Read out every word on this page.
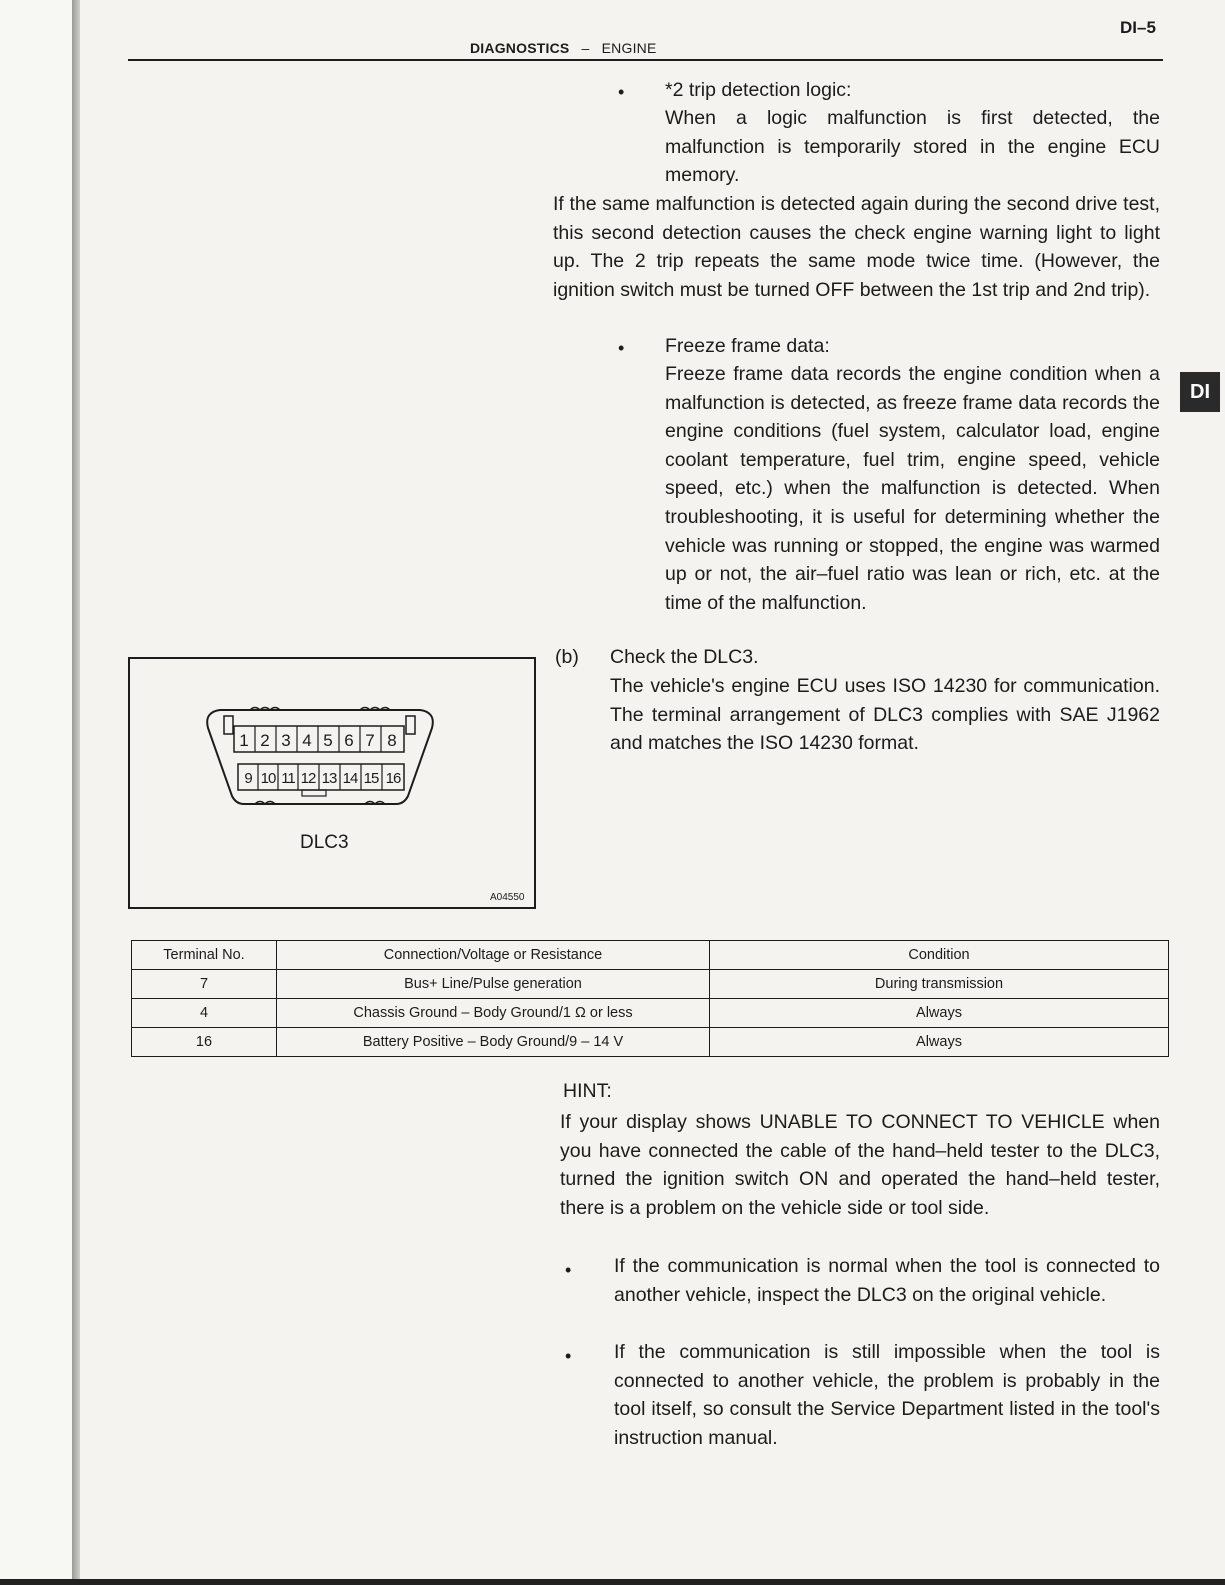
DI–5
DIAGNOSTICS – ENGINE
DI
• *2 trip detection logic:
When a logic malfunction is first detected, the malfunction is temporarily stored in the engine ECU memory.
If the same malfunction is detected again during the second drive test, this second detection causes the check engine warning light to light up. The 2 trip repeats the same mode twice time. (However, the ignition switch must be turned OFF between the 1st trip and 2nd trip).
• Freeze frame data:
Freeze frame data records the engine condition when a malfunction is detected, as freeze frame data records the engine conditions (fuel system, calculator load, engine coolant temperature, fuel trim, engine speed, vehicle speed, etc.) when the malfunction is detected. When troubleshooting, it is useful for determining whether the vehicle was running or stopped, the engine was warmed up or not, the air–fuel ratio was lean or rich, etc. at the time of the malfunction.
(b) Check the DLC3.
The vehicle's engine ECU uses ISO 14230 for communication. The terminal arrangement of DLC3 complies with SAE J1962 and matches the ISO 14230 format.
1 2 3 4 5 6 7 8
9 10 11 12 13 14 15 16
DLC3
A04550
Terminal No.	Connection/Voltage or Resistance	Condition
7	Bus+ Line/Pulse generation	During transmission
4	Chassis Ground – Body Ground/1 Ω or less	Always
16	Battery Positive – Body Ground/9 – 14 V	Always
HINT:
If your display shows UNABLE TO CONNECT TO VEHICLE when you have connected the cable of the hand–held tester to the DLC3, turned the ignition switch ON and operated the hand–held tester, there is a problem on the vehicle side or tool side.
• If the communication is normal when the tool is connected to another vehicle, inspect the DLC3 on the original vehicle.
• If the communication is still impossible when the tool is connected to another vehicle, the problem is probably in the tool itself, so consult the Service Department listed in the tool's instruction manual.
